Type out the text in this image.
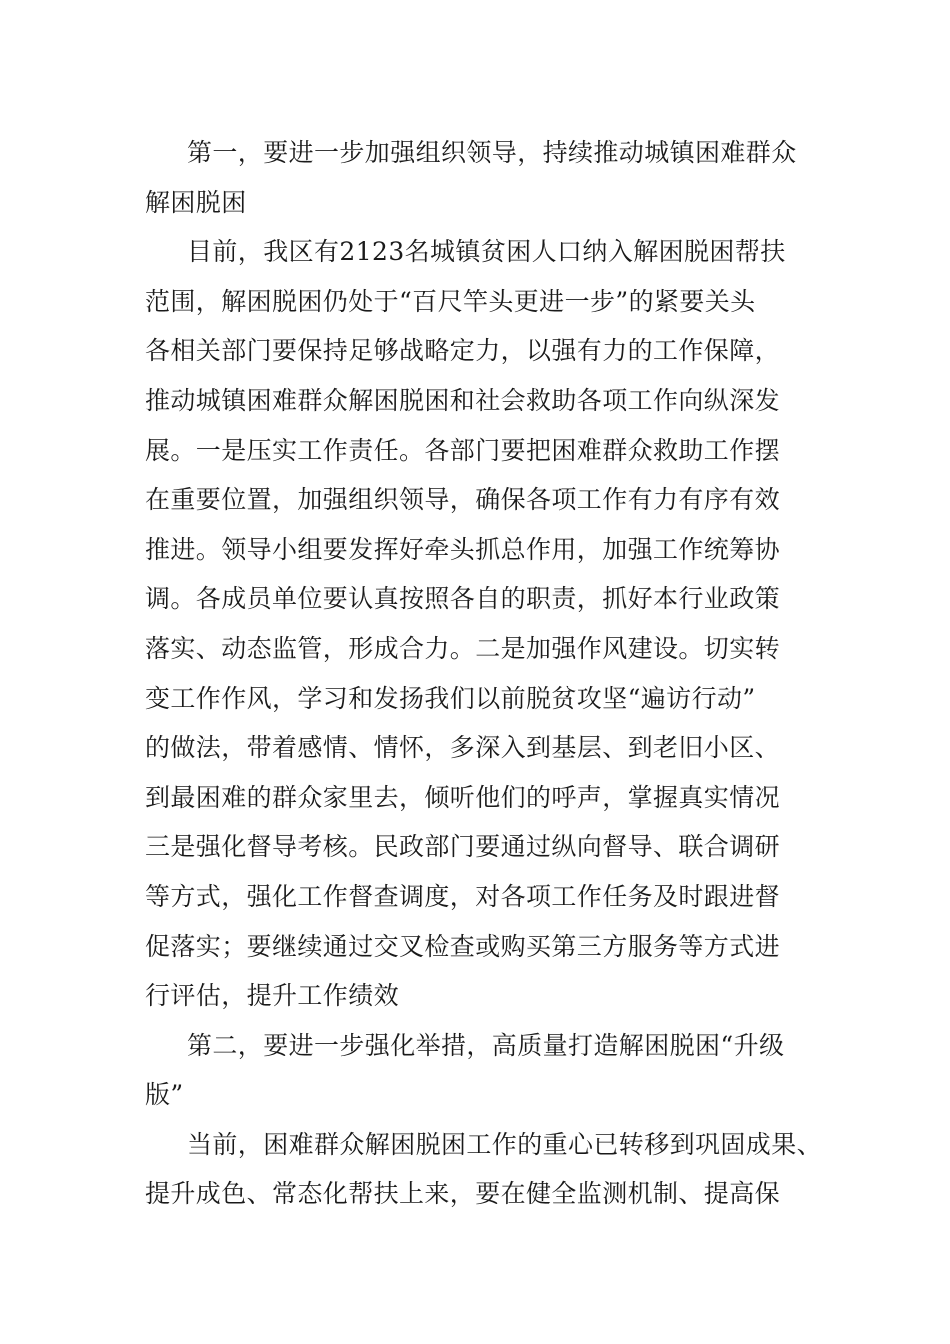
第一，要进一步加强组织领导，持续推动城镇困难群众
解困脱困
目前，我区有2123名城镇贫困人口纳入解困脱困帮扶
范围，解困脱困仍处于“百尺竿头更进一步”的紧要关头
各相关部门要保持足够战略定力，以强有力的工作保障，
推动城镇困难群众解困脱困和社会救助各项工作向纵深发
展。一是压实工作责任。各部门要把困难群众救助工作摆
在重要位置，加强组织领导，确保各项工作有力有序有效
推进。领导小组要发挥好牵头抓总作用，加强工作统筹协
调。各成员单位要认真按照各自的职责，抓好本行业政策
落实、动态监管，形成合力。二是加强作风建设。切实转
变工作作风，学习和发扬我们以前脱贫攻坚“遍访行动”
的做法，带着感情、情怀，多深入到基层、到老旧小区、
到最困难的群众家里去，倾听他们的呼声，掌握真实情况
三是强化督导考核。民政部门要通过纵向督导、联合调研
等方式，强化工作督查调度，对各项工作任务及时跟进督
促落实；要继续通过交叉检查或购买第三方服务等方式进
行评估，提升工作绩效
第二，要进一步强化举措，高质量打造解困脱困“升级
版”
当前，困难群众解困脱困工作的重心已转移到巩固成果、
提升成色、常态化帮扶上来，要在健全监测机制、提高保
